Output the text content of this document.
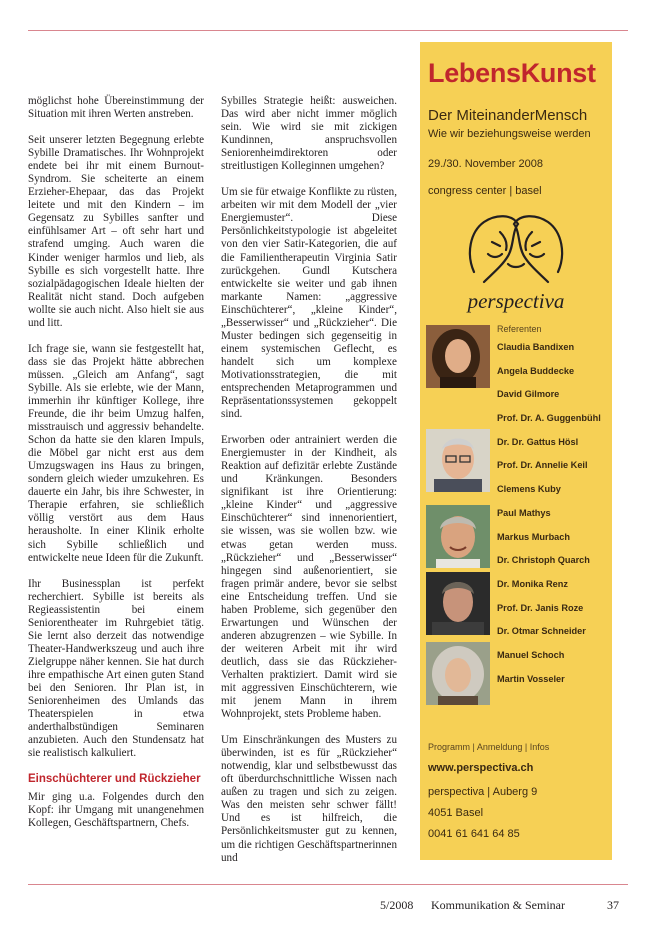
möglichst hohe Übereinstimmung der Situation mit ihren Werten anstreben.

Seit unserer letzten Begegnung erlebte Sybille Dramatisches. Ihr Wohnprojekt endete bei ihr mit einem Burnout-Syndrom. Sie scheiterte an einem Erzieher-Ehepaar, das das Projekt leitete und mit den Kindern – im Gegensatz zu Sybilles sanfter und einfühlsamer Art – oft sehr hart und strafend umging. Auch waren die Kinder weniger harmlos und lieb, als Sybille es sich vorgestellt hatte. Ihre sozialpädagogischen Ideale hielten der Realität nicht stand. Doch aufgeben wollte sie auch nicht. Also hielt sie aus und litt.

Ich frage sie, wann sie festgestellt hat, dass sie das Projekt hätte abbrechen müssen. „Gleich am Anfang“, sagt Sybille. Als sie erlebte, wie der Mann, immerhin ihr künftiger Kollege, ihre Freunde, die ihr beim Umzug halfen, misstrauisch und aggressiv behandelte. Schon da hatte sie den klaren Impuls, die Möbel gar nicht erst aus dem Umzugswagen ins Haus zu bringen, sondern gleich wieder umzukehren. Es dauerte ein Jahr, bis ihre Schwester, in Therapie erfahren, sie schließlich völlig verstört aus dem Haus herausholte. In einer Klinik erholte sich Sybille schließlich und entwickelte neue Ideen für die Zukunft.

Ihr Businessplan ist perfekt recherchiert. Sybille ist bereits als Regieassistentin bei einem Seniorentheater im Ruhrgebiet tätig. Sie lernt also derzeit das notwendige Theater-Handwerkszeug und auch ihre Zielgruppe näher kennen. Sie hat durch ihre empathische Art einen guten Stand bei den Senioren. Ihr Plan ist, in Seniorenheimen des Umlands das Theaterspielen in etwa anderthalbstündigen Seminaren anzubieten. Auch den Stundensatz hat sie realistisch kalkuliert.

Einschüchterer und Rückzieher

Mir ging u.a. Folgendes durch den Kopf: ihr Umgang mit unangenehmen Kollegen, Geschäftspartnern, Chefs.

Sybilles Strategie heißt: ausweichen. Das wird aber nicht immer möglich sein. Wie wird sie mit zickigen Kundinnen, anspruchsvollen Seniorenheimdirektoren oder streitlustigen Kolleginnen umgehen?

Um sie für etwaige Konflikte zu rüsten, arbeiten wir mit dem Modell der „vier Energiemuster“. Diese Persönlichkeitstypologie ist abgeleitet von den vier Satir-Kategorien, die auf die Familientherapeutin Virginia Satir zurückgehen. Gundl Kutschera entwickelte sie weiter und gab ihnen markante Namen: „aggressive Einschüchterer“, „kleine Kinder“, „Besserwisser“ und „Rückzieher“. Die Muster bedingen sich gegenseitig in einem systemischen Geflecht, es handelt sich um komplexe Motivationsstrategien, die mit entsprechenden Metaprogrammen und Repräsentationssystemen gekoppelt sind.

Erworben oder antrainiert werden die Energiemuster in der Kindheit, als Reaktion auf defizitär erlebte Zustände und Kränkungen. Besonders signifikant ist ihre Orientierung: „kleine Kinder“ und „aggressive Einschüchterer“ sind innenorientiert, sie wissen, was sie wollen bzw. wie etwas getan werden muss. „Rückzieher“ und „Besserwisser“ hingegen sind außenorientiert, sie fragen primär andere, bevor sie selbst eine Entscheidung treffen. Und sie haben Probleme, sich gegenüber den Erwartungen und Wünschen der anderen abzugrenzen – wie Sybille. In der weiteren Arbeit mit ihr wird deutlich, dass sie das Rückzieher-Verhalten praktiziert. Damit wird sie mit aggressiven Einschüchterern, wie mit jenem Mann in ihrem Wohnprojekt, stets Probleme haben.

Um Einschränkungen des Musters zu überwinden, ist es für „Rückzieher“ notwendig, klar und selbstbewusst das oft überdurchschnittliche Wissen nach außen zu tragen und sich zu zeigen. Was den meisten sehr schwer fällt! Und es ist hilfreich, die Persönlichkeitsmuster gut zu kennen, um die richtigen Geschäftspartnerinnen und

LebensKunst
Der MiteinanderMensch
Wie wir beziehungsweise werden
29./30. November 2008
congress center | basel
perspectiva
Referenten
Claudia Bandixen
Angela Buddecke
David Gilmore
Prof. Dr. A. Guggenbühl
Dr. Dr. Gattus Hösl
Prof. Dr. Annelie Keil
Clemens Kuby
Paul Mathys
Markus Murbach
Dr. Christoph Quarch
Dr. Monika Renz
Prof. Dr. Janis Roze
Dr. Otmar Schneider
Manuel Schoch
Martin Vosseler
Programm | Anmeldung | Infos
www.perspectiva.ch
perspectiva | Auberg 9
4051 Basel
0041 61 641 64 85
5/2008 Kommunikation & Seminar	37
